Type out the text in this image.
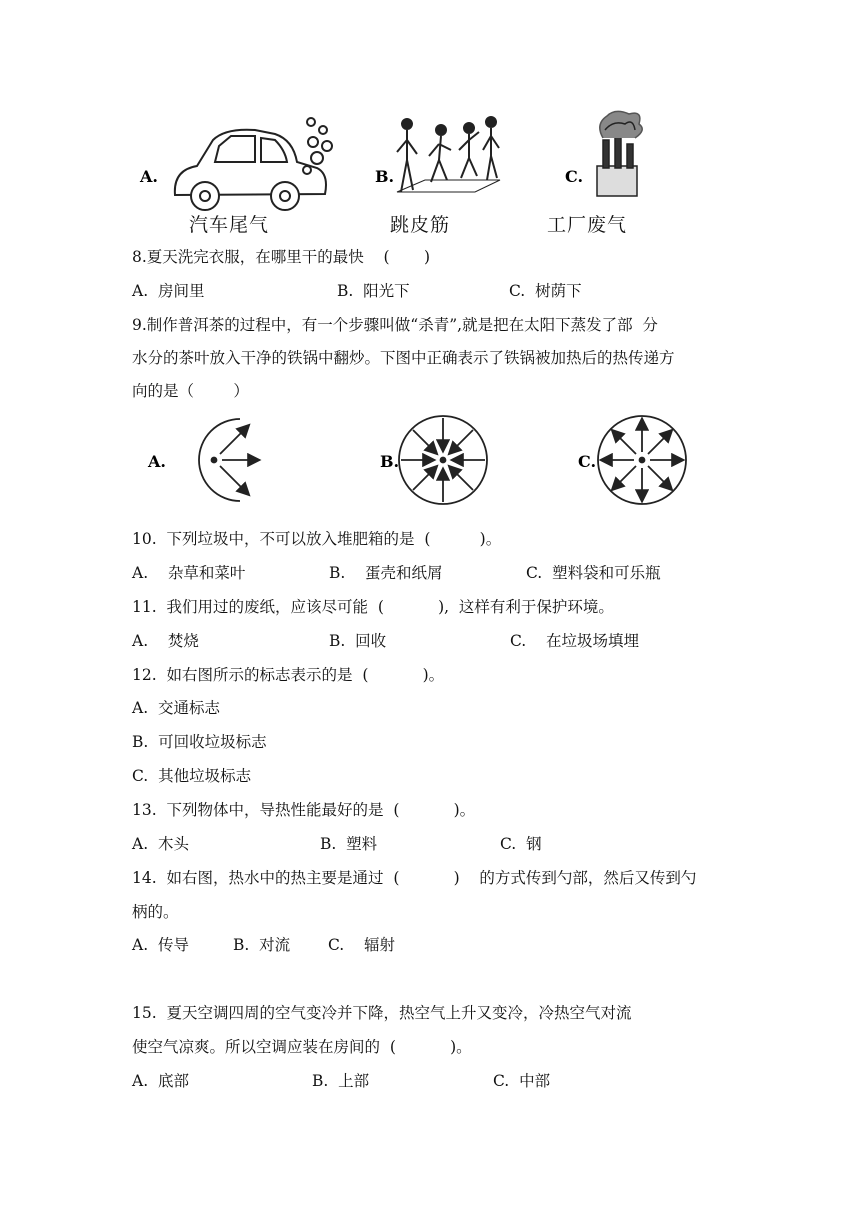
A.	B.	C.
汽车尾气	跳皮筋	工厂废气
8.夏天洗完衣服，在哪里干的最快    (       )
A.  房间里	B.  阳光下	C.  树荫下
9.制作普洱茶的过程中，有一个步骤叫做“杀青”,就是把在太阳下蒸发了部  分
水分的茶叶放入干净的铁锅中翻炒。下图中正确表示了铁锅被加热后的热传递方
向的是（        ）
A.	B.	C.
10.  下列垃圾中，不可以放入堆肥箱的是  (          )。
A.    杂草和菜叶	B.    蛋壳和纸屑	C.  塑料袋和可乐瓶
11.  我们用过的废纸，应该尽可能  (           ),  这样有利于保护环境。
A.    焚烧	B.  回收	C.    在垃圾场填埋
12.  如右图所示的标志表示的是  (           )。
A.  交通标志
B.  可回收垃圾标志
C.  其他垃圾标志
13.  下列物体中，导热性能最好的是  (           )。
A.  木头	B.  塑料	C.  钢
14.  如右图，热水中的热主要是通过  (           )    的方式传到勺部，然后又传到勺
柄的。
A.  传导	B.  对流 C.    辐射
15.  夏天空调四周的空气变冷并下降，热空气上升又变冷，冷热空气对流
使空气凉爽。所以空调应装在房间的  (           )。
A.  底部	B.  上部	C.  中部
